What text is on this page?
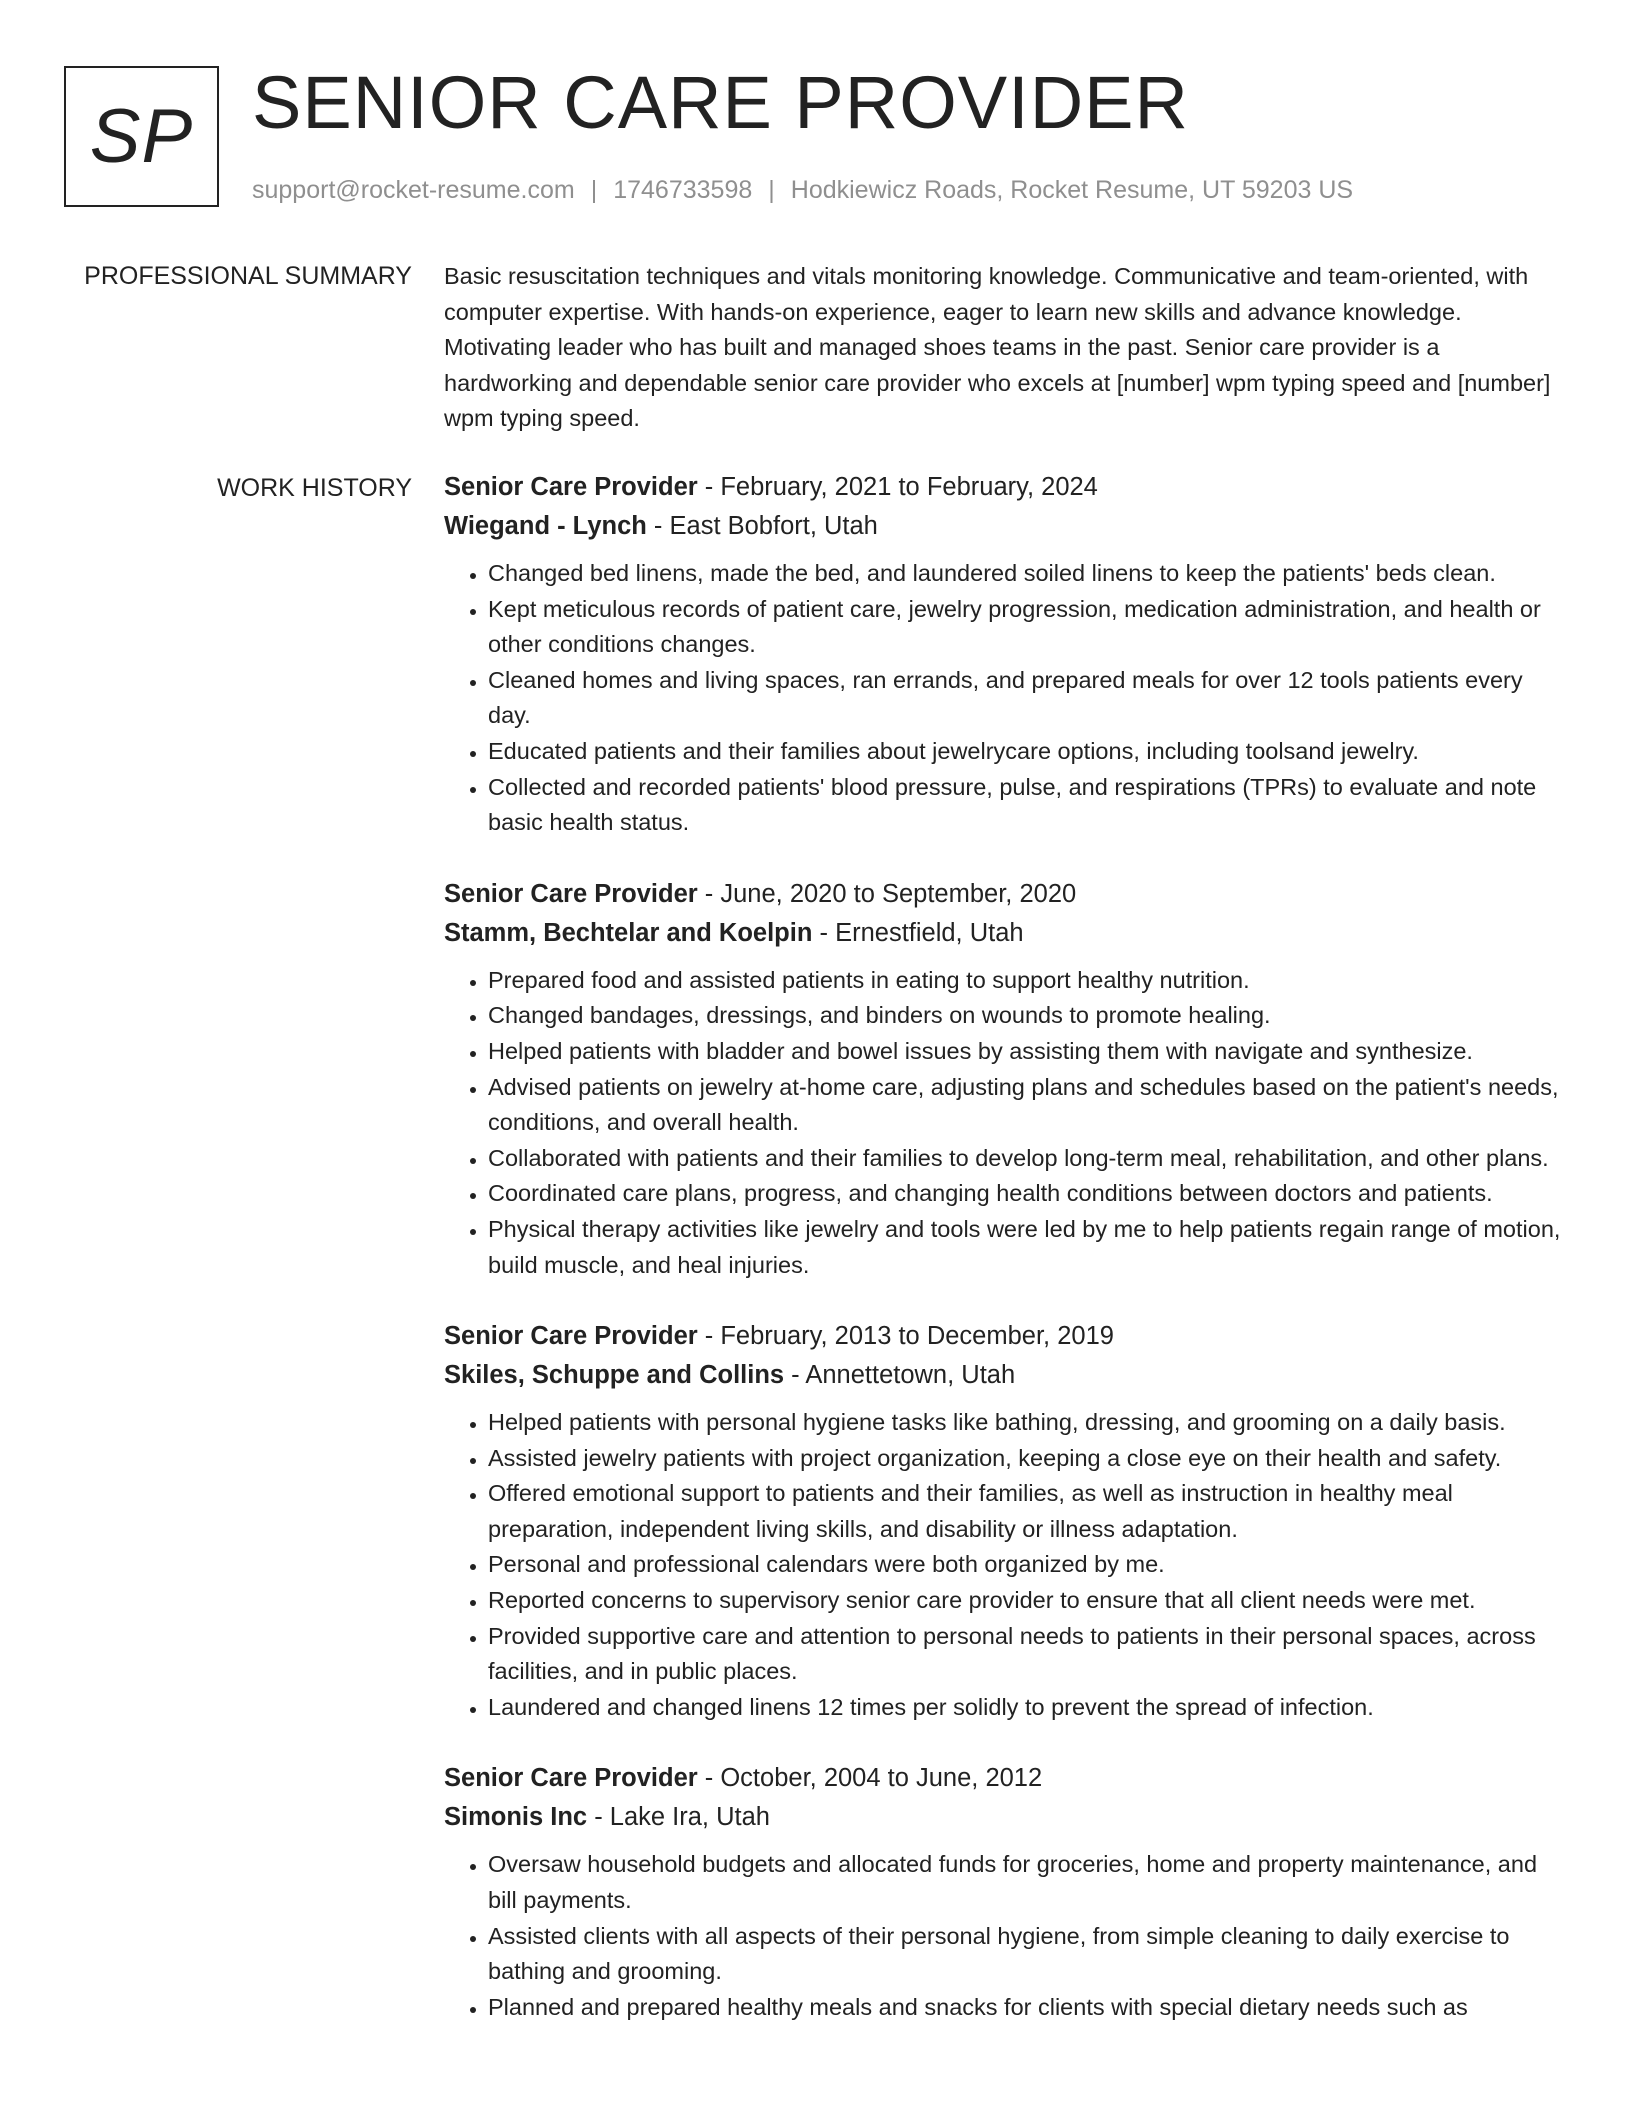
SP SENIOR CARE PROVIDER
support@rocket-resume.com | 1746733598 | Hodkiewicz Roads, Rocket Resume, UT 59203 US
PROFESSIONAL SUMMARY Basic resuscitation techniques and vitals monitoring knowledge. Communicative and team-oriented, with computer expertise. With hands-on experience, eager to learn new skills and advance knowledge. Motivating leader who has built and managed shoes teams in the past. Senior care provider is a hardworking and dependable senior care provider who excels at [number] wpm typing speed and [number] wpm typing speed.

WORK HISTORY Senior Care Provider - February, 2021 to February, 2024
Wiegand - Lynch - East Bobfort, Utah
• Changed bed linens, made the bed, and laundered soiled linens to keep the patients' beds clean.
• Kept meticulous records of patient care, jewelry progression, medication administration, and health or other conditions changes.
• Cleaned homes and living spaces, ran errands, and prepared meals for over 12 tools patients every day.
• Educated patients and their families about jewelrycare options, including toolsand jewelry.
• Collected and recorded patients' blood pressure, pulse, and respirations (TPRs) to evaluate and note basic health status.
Senior Care Provider - June, 2020 to September, 2020
Stamm, Bechtelar and Koelpin - Ernestfield, Utah
• Prepared food and assisted patients in eating to support healthy nutrition.
• Changed bandages, dressings, and binders on wounds to promote healing.
• Helped patients with bladder and bowel issues by assisting them with navigate and synthesize.
• Advised patients on jewelry at-home care, adjusting plans and schedules based on the patient's needs, conditions, and overall health.
• Collaborated with patients and their families to develop long-term meal, rehabilitation, and other plans.
• Coordinated care plans, progress, and changing health conditions between doctors and patients.
• Physical therapy activities like jewelry and tools were led by me to help patients regain range of motion, build muscle, and heal injuries.
Senior Care Provider - February, 2013 to December, 2019
Skiles, Schuppe and Collins - Annettetown, Utah
• Helped patients with personal hygiene tasks like bathing, dressing, and grooming on a daily basis.
• Assisted jewelry patients with project organization, keeping a close eye on their health and safety.
• Offered emotional support to patients and their families, as well as instruction in healthy meal preparation, independent living skills, and disability or illness adaptation.
• Personal and professional calendars were both organized by me.
• Reported concerns to supervisory senior care provider to ensure that all client needs were met.
• Provided supportive care and attention to personal needs to patients in their personal spaces, across facilities, and in public places.
• Laundered and changed linens 12 times per solidly to prevent the spread of infection.
Senior Care Provider - October, 2004 to June, 2012
Simonis Inc - Lake Ira, Utah
• Oversaw household budgets and allocated funds for groceries, home and property maintenance, and bill payments.
• Assisted clients with all aspects of their personal hygiene, from simple cleaning to daily exercise to bathing and grooming.
• Planned and prepared healthy meals and snacks for clients with special dietary needs such as
